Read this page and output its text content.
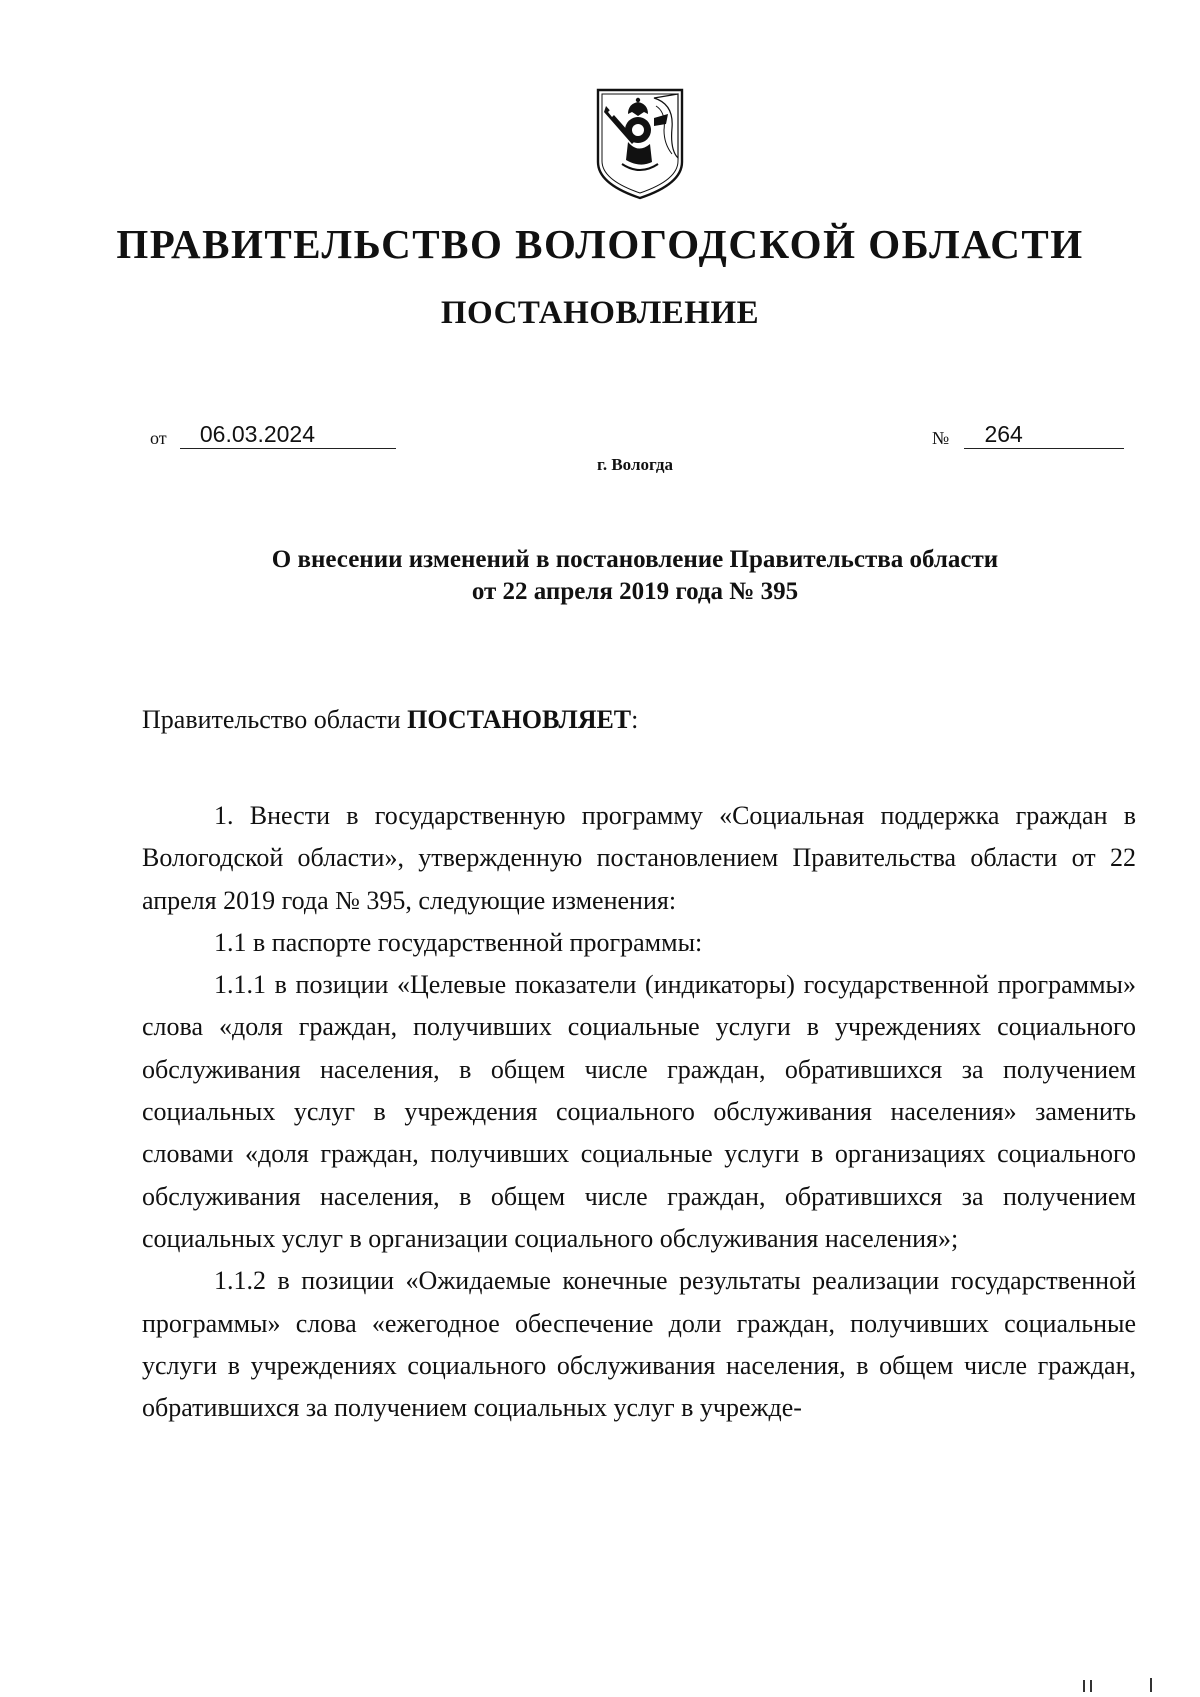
ПРАВИТЕЛЬСТВО ВОЛОГОДСКОЙ ОБЛАСТИ
ПОСТАНОВЛЕНИЕ
от 06.03.2024	№ 264
г. Вологда
О внесении изменений в постановление Правительства области
от 22 апреля 2019 года № 395
Правительство области ПОСТАНОВЛЯЕТ:

1. Внести в государственную программу «Социальная поддержка граждан в Вологодской области», утвержденную постановлением Правительства области от 22 апреля 2019 года № 395, следующие изменения:

1.1 в паспорте государственной программы:

1.1.1 в позиции «Целевые показатели (индикаторы) государственной программы» слова «доля граждан, получивших социальные услуги в учреждениях социального обслуживания населения, в общем числе граждан, обратившихся за получением социальных услуг в учреждения социального обслуживания населения» заменить словами «доля граждан, получивших социальные услуги в организациях социального обслуживания населения, в общем числе граждан, обратившихся за получением социальных услуг в организации социального обслуживания населения»;

1.1.2 в позиции «Ожидаемые конечные результаты реализации государственной программы» слова «ежегодное обеспечение доли граждан, получивших социальные услуги в учреждениях социального обслуживания населения, в общем числе граждан, обратившихся за получением социальных услуг в учрежде-
